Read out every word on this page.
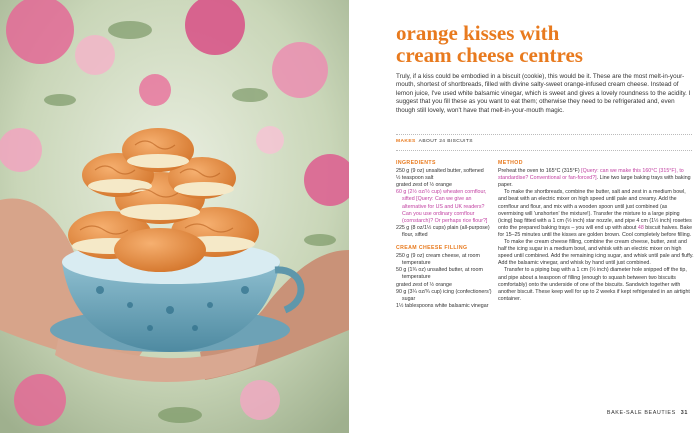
orange kisses with
cream cheese centres

Truly, if a kiss could be embodied in a biscuit (cookie), this would be it. These are the most melt-in-your-mouth, shortest of shortbreads, filled with divine salty-sweet orange-infused cream cheese. Instead of lemon juice, I've used white balsamic vinegar, which is sweet and gives a lovely roundness to the acidity. I suggest that you fill these as you want to eat them; otherwise they need to be refrigerated and, even though still lovely, won't have that melt-in-your-mouth magic.

MAKES ABOUT 24 BISCUITS
INGREDIENTS
250 g (9 oz) unsalted butter, softened
½ teaspoon salt
grated zest of ½ orange
60 g (2½ oz/½ cup) wheaten cornflour, sifted [Query: Can we give an alternative for US and UK readers? Can you use ordinary cornflour (cornstarch)? Or perhaps rice flour?]
225 g (8 oz/1½ cups) plain (all-purpose) flour, sifted
CREAM CHEESE FILLING
250 g (9 oz) cream cheese, at room temperature
50 g (1¾ oz) unsalted butter, at room temperature
grated zest of ½ orange
90 g (3¼ oz/¾ cup) icing (confectioners') sugar
1½ tablespoons white balsamic vinegar
METHOD

Preheat the oven to 165°C (315°F) [Query: can we make this 160°C (315°F), to standardise? Conventional or fan-forced?]. Line two large baking trays with baking paper.

To make the shortbreads, combine the butter, salt and zest in a medium bowl, and beat with an electric mixer on high speed until pale and creamy. Add the cornflour and flour, and mix with a wooden spoon until just combined (as overmixing will 'unshorten' the mixture!). Transfer the mixture to a large piping (icing) bag fitted with a 1 cm (½ inch) star nozzle, and pipe 4 cm (1½ inch) rosettes onto the prepared baking trays – you will end up with about 48 biscuit halves. Bake for 15–25 minutes until the kisses are golden brown. Cool completely before filling.

To make the cream cheese filling, combine the cream cheese, butter, zest and half the icing sugar in a medium bowl, and whisk with an electric mixer on high speed until combined. Add the remaining icing sugar, and whisk until pale and fluffy. Add the balsamic vinegar, and whisk by hand until just combined.

Transfer to a piping bag with a 1 cm (½ inch) diameter hole snipped off the tip, and pipe about a teaspoon of filling (enough to squash between two biscuits comfortably) onto the underside of one of the biscuits. Sandwich together with another biscuit. These keep well for up to 2 weeks if kept refrigerated in an airtight container.

BAKE-SALE BEAUTIES 31
